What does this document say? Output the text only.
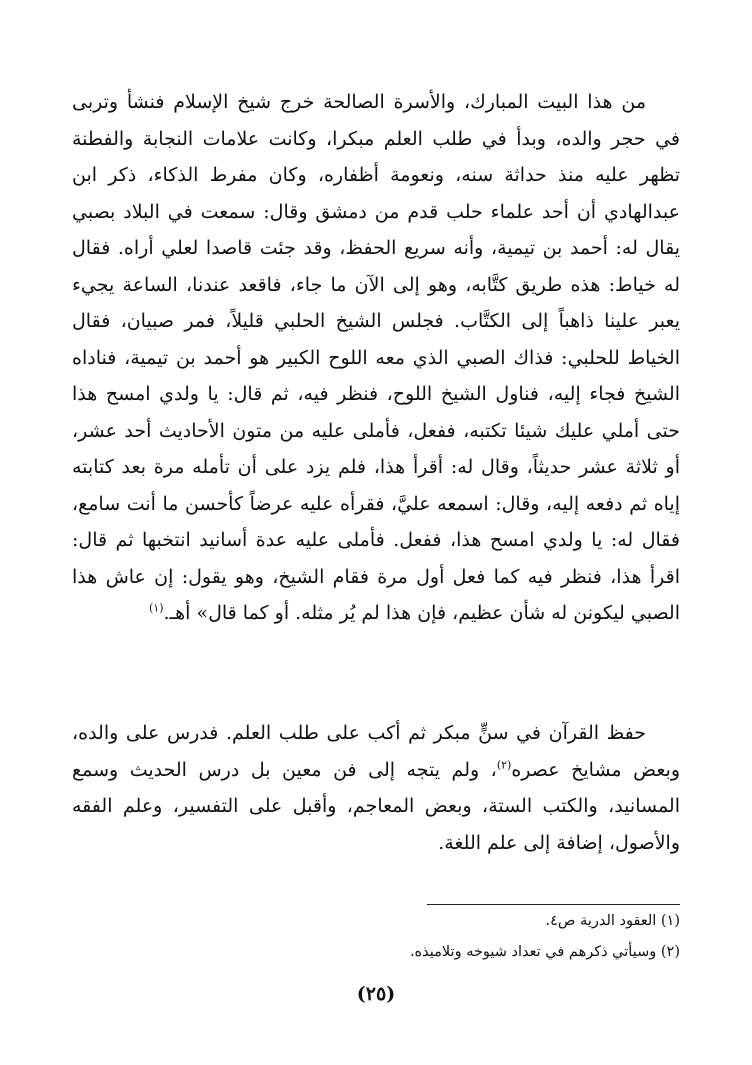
من هذا البيت المبارك، والأسرة الصالحة خرج شيخ الإسلام فنشأ وتربى في حجر والده، وبدأ في طلب العلم مبكرا، وكانت علامات النجابة والفطنة تظهر عليه منذ حداثة سنه، ونعومة أظفاره، وكان مفرط الذكاء، ذكر ابن عبدالهادي أن أحد علماء حلب قدم من دمشق وقال: سمعت في البلاد بصبي يقال له: أحمد بن تيمية، وأنه سريع الحفظ، وقد جئت قاصدا لعلي أراه. فقال له خياط: هذه طريق كتَّابه، وهو إلى الآن ما جاء، فاقعد عندنا، الساعة يجيء يعبر علينا ذاهباً إلى الكتَّاب. فجلس الشيخ الحلبي قليلاً، فمر صبيان، فقال الخياط للحلبي: فذاك الصبي الذي معه اللوح الكبير هو أحمد بن تيمية، فناداه الشيخ فجاء إليه، فناول الشيخ اللوح، فنظر فيه، ثم قال: يا ولدي امسح هذا حتى أملي عليك شيئا تكتبه، ففعل، فأملى عليه من متون الأحاديث أحد عشر، أو ثلاثة عشر حديثاً، وقال له: أقرأ هذا، فلم يزد على أن تأمله مرة بعد كتابته إياه ثم دفعه إليه، وقال: اسمعه عليَّ، فقرأه عليه عرضاً كأحسن ما أنت سامع، فقال له: يا ولدي امسح هذا، ففعل. فأملى عليه عدة أسانيد انتخبها ثم قال: اقرأ هذا، فنظر فيه كما فعل أول مرة فقام الشيخ، وهو يقول: إن عاش هذا الصبي ليكونن له شأن عظيم، فإن هذا لم يُر مثله. أو كما قال» أهـ.$^{(١)}$

حفظ القرآن في سنٍّ مبكر ثم أكب على طلب العلم. فدرس على والده، وبعض مشايخ عصره$^{(٢)}$، ولم يتجه إلى فن معين بل درس الحديث وسمع المسانيد، والكتب الستة، وبعض المعاجم، وأقبل على التفسير، وعلم الفقه والأصول، إضافة إلى علم اللغة.

(١) العقود الدرية ص٤.

(٢) وسيأتي ذكرهم في تعداد شيوخه وتلاميذه.

(٢٥)
